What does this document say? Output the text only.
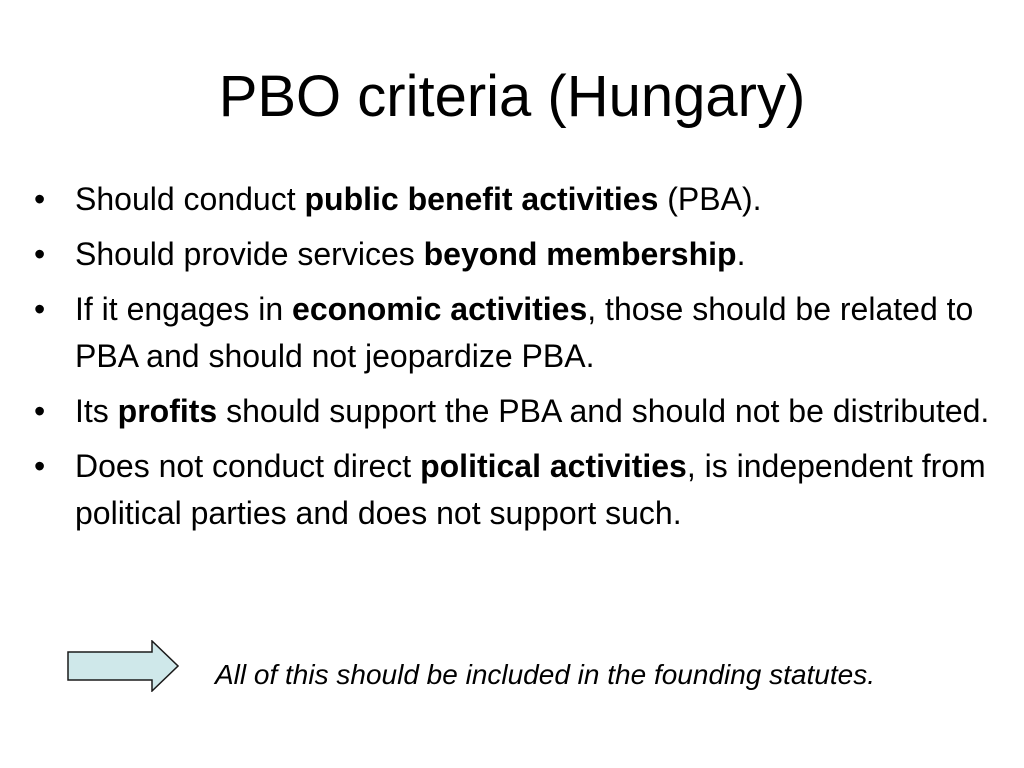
PBO criteria (Hungary)
• Should conduct public benefit activities (PBA).
• Should provide services beyond membership.
• If it engages in economic activities, those should be related to PBA and should not jeopardize PBA.
• Its profits should support the PBA and should not be distributed.
• Does not conduct direct political activities, is independent from political parties and does not support such.
All of this should be included in the founding statutes.
